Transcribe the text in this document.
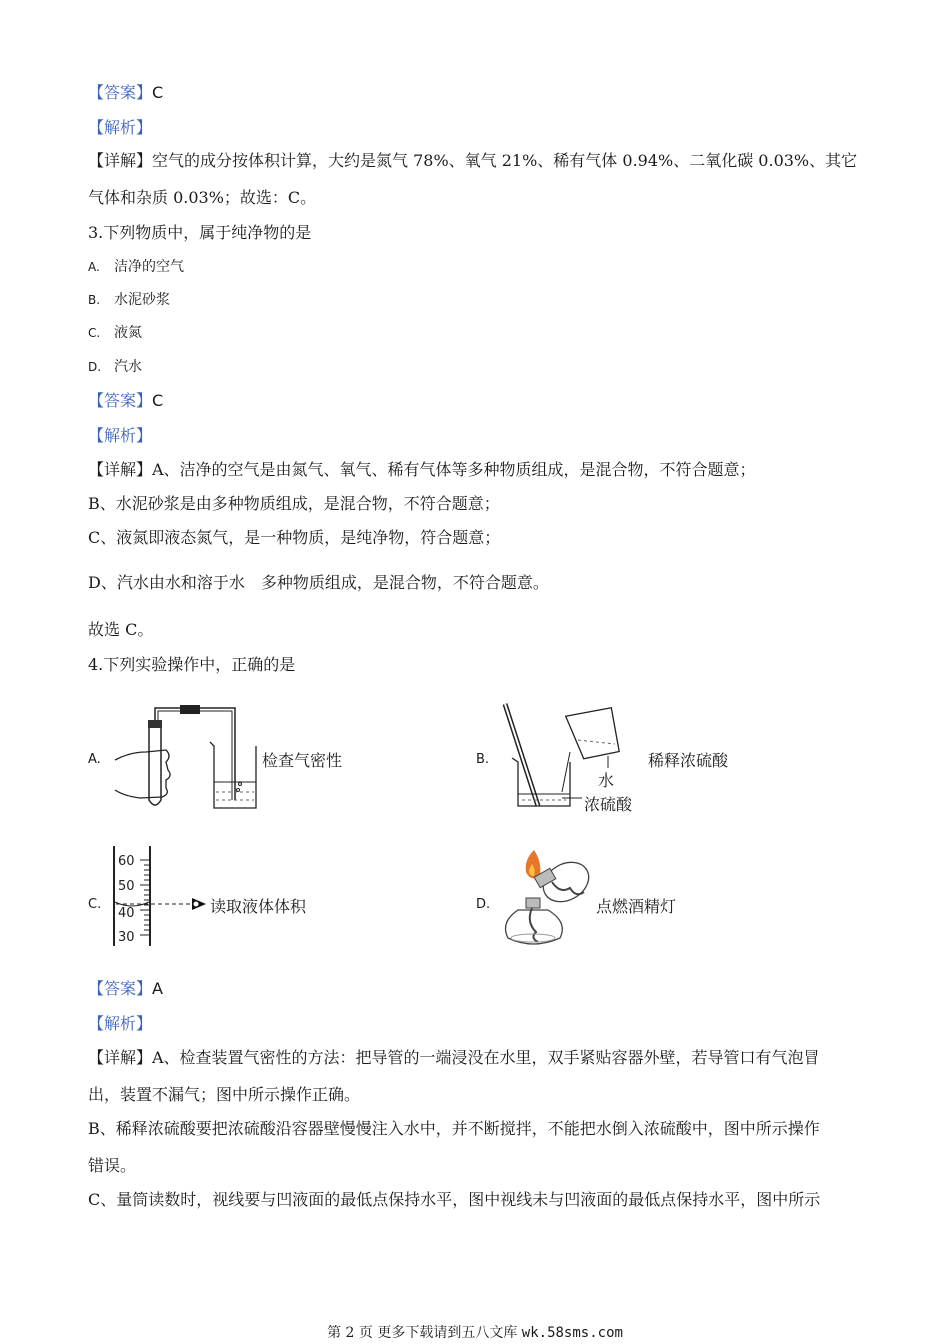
【答案】C
【解析】
【详解】空气的成分按体积计算，大约是氮气 78%、氧气 21%、稀有气体 0.94%、二氧化碳 0.03%、其它
气体和杂质 0.03%；故选：C。
3.下列物质中，属于纯净物的是
A. 洁净的空气
B. 水泥砂浆
C. 液氮
D. 汽水
【答案】C
【解析】
【详解】A、洁净的空气是由氮气、氧气、稀有气体等多种物质组成，是混合物，不符合题意；
B、水泥砂浆是由多种物质组成，是混合物，不符合题意；
C、液氮即液态氮气，是一种物质，是纯净物，符合题意；
D、汽水由水和溶于水　多种物质组成，是混合物，不符合题意。
故选 C。
4.下列实验操作中，正确的是
A.	检查气密性	B.
水
浓硫酸
稀释浓硫酸
C.
60
50
40
30
读取液体体积	D.	点燃酒精灯
【答案】A
【解析】
【详解】A、检查装置气密性的方法：把导管的一端浸没在水里，双手紧贴容器外壁，若导管口有气泡冒
出，装置不漏气；图中所示操作正确。
B、稀释浓硫酸要把浓硫酸沿容器壁慢慢注入水中，并不断搅拌，不能把水倒入浓硫酸中，图中所示操作
错误。
C、量筒读数时，视线要与凹液面的最低点保持水平，图中视线未与凹液面的最低点保持水平，图中所示
第 2 页 更多下载请到五八文库 wk.58sms.com
